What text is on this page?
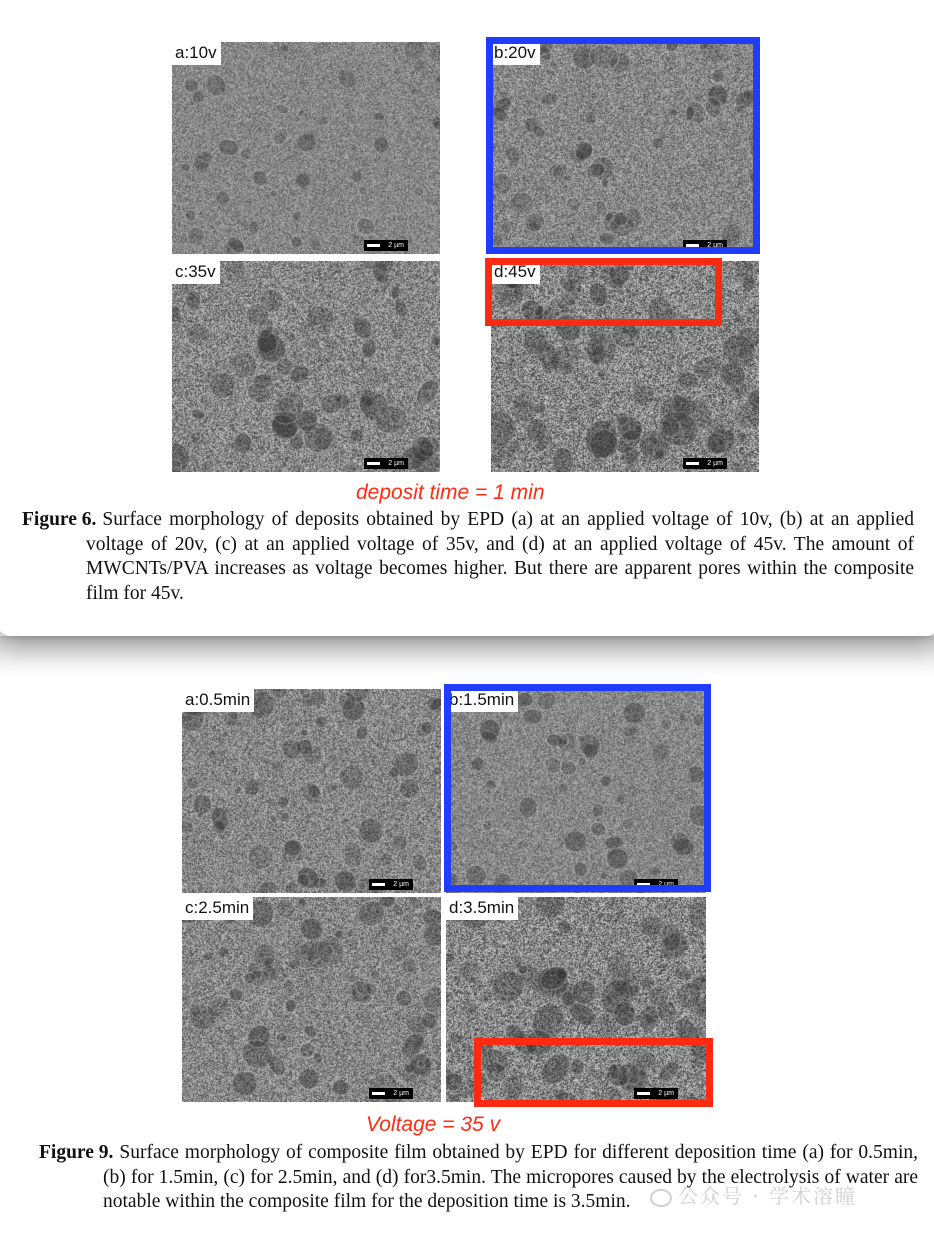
a:10v
2 µm
b:20v
2 µm
c:35v
2 µm
d:45v
2 µm
deposit time = 1 min
Figure 6. Surface morphology of deposits obtained by EPD (a) at an applied voltage of 10v, (b) at an applied voltage of 20v, (c) at an applied voltage of 35v, and (d) at an applied voltage of 45v. The amount of MWCNTs/PVA increases as voltage becomes higher. But there are apparent pores within the composite film for 45v.
a:0.5min
2 µm
b:1.5min
2 µm
c:2.5min
2 µm
d:3.5min
2 µm
Voltage = 35 v
Figure 9. Surface morphology of composite film obtained by EPD for different deposition time (a) for 0.5min, (b) for 1.5min, (c) for 2.5min, and (d) for3.5min. The micropores caused by the electrolysis of water are notable within the composite film for the deposition time is 3.5min.	公众号 · 学术溶瞳
